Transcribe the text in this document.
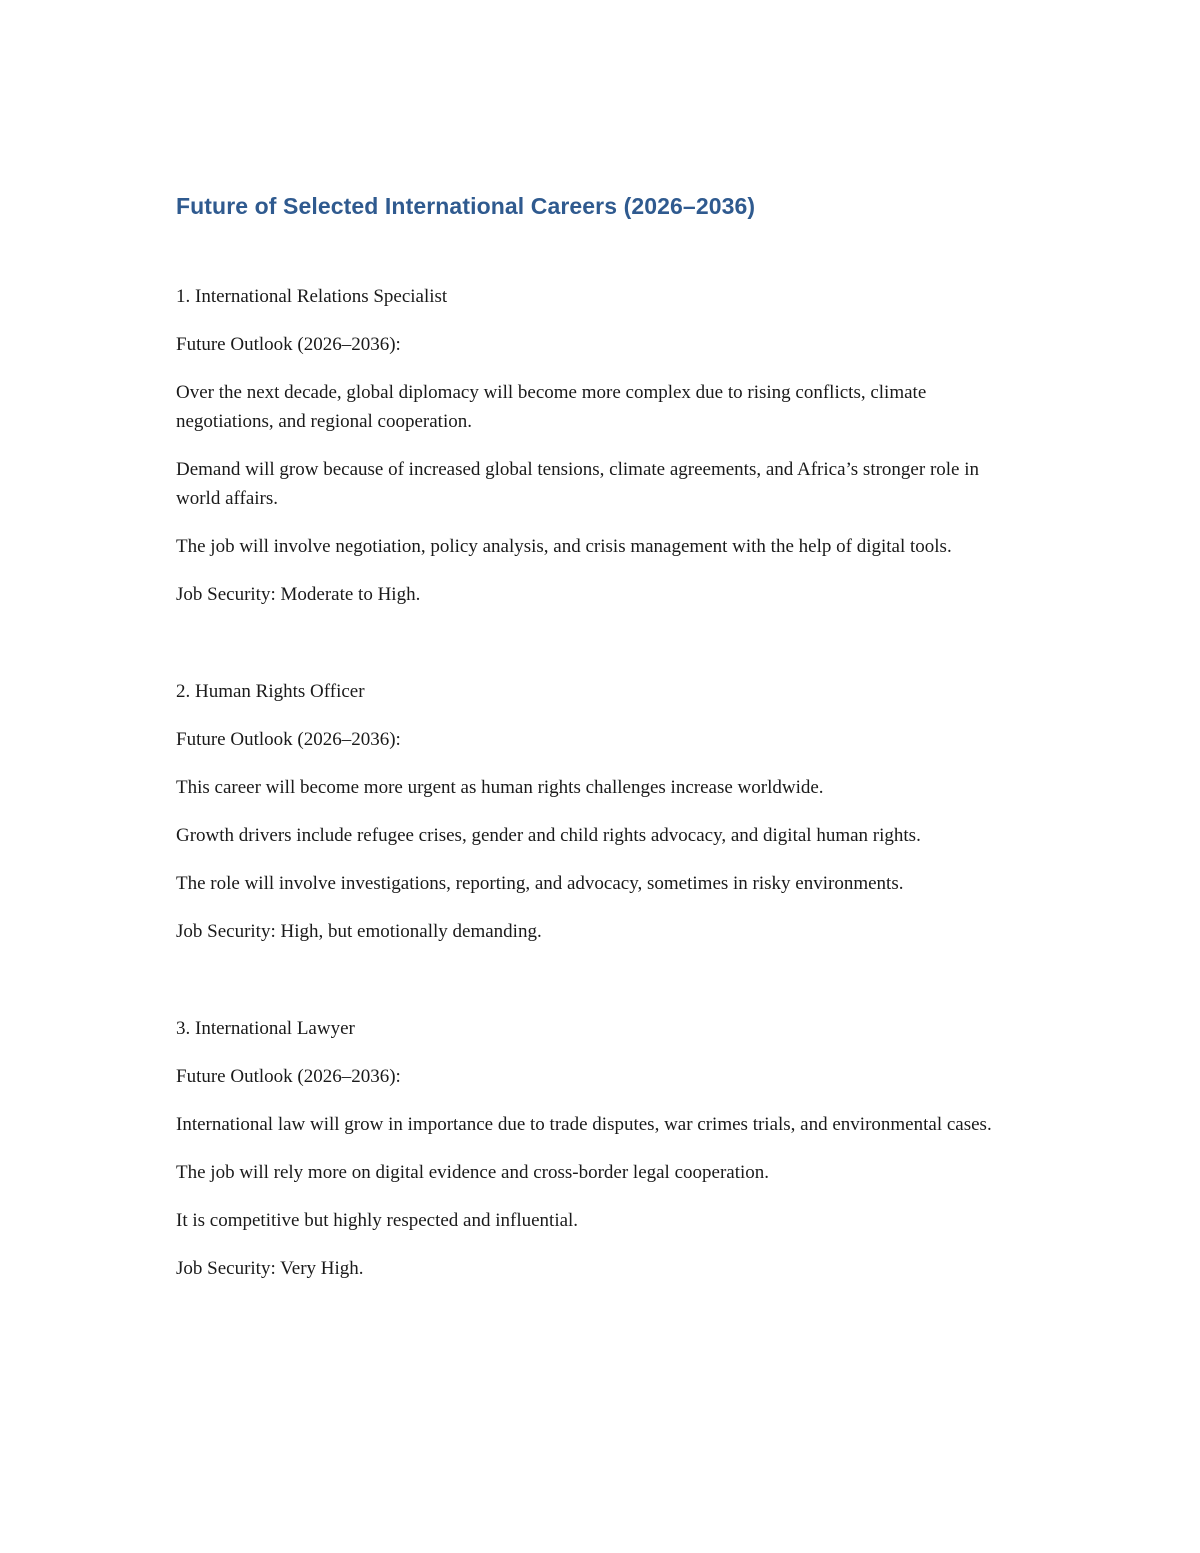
Future of Selected International Careers (2026–2036)

1. International Relations Specialist

Future Outlook (2026–2036):

Over the next decade, global diplomacy will become more complex due to rising conflicts, climate negotiations, and regional cooperation.

Demand will grow because of increased global tensions, climate agreements, and Africa’s stronger role in world affairs.

The job will involve negotiation, policy analysis, and crisis management with the help of digital tools.

Job Security: Moderate to High.

2. Human Rights Officer

Future Outlook (2026–2036):

This career will become more urgent as human rights challenges increase worldwide.

Growth drivers include refugee crises, gender and child rights advocacy, and digital human rights.

The role will involve investigations, reporting, and advocacy, sometimes in risky environments.

Job Security: High, but emotionally demanding.

3. International Lawyer

Future Outlook (2026–2036):

International law will grow in importance due to trade disputes, war crimes trials, and environmental cases.

The job will rely more on digital evidence and cross-border legal cooperation.

It is competitive but highly respected and influential.

Job Security: Very High.
